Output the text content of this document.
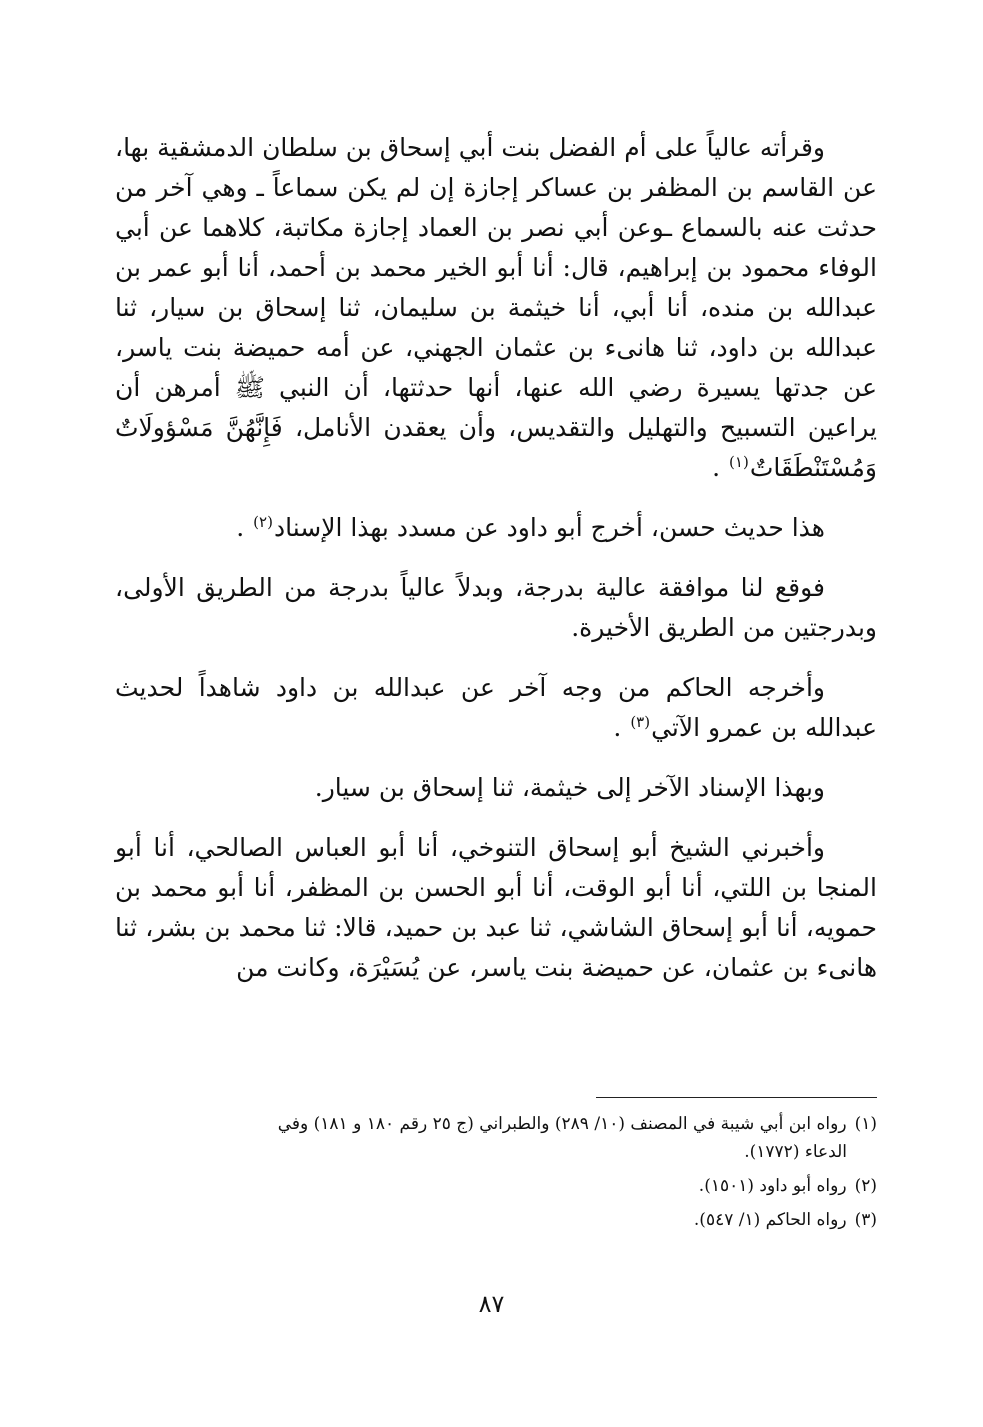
وقرأته عالياً على أم الفضل بنت أبي إسحاق بن سلطان الدمشقية بها، عن القاسم بن المظفر بن عساكر إجازة إن لم يكن سماعاً ـ وهي آخر من حدثت عنه بالسماع ـوعن أبي نصر بن العماد إجازة مكاتبة، كلاهما عن أبي الوفاء محمود بن إبراهيم، قال: أنا أبو الخير محمد بن أحمد، أنا أبو عمر بن عبدالله بن منده، أنا أبي، أنا خيثمة بن سليمان، ثنا إسحاق بن سيار، ثنا عبدالله بن داود، ثنا هانىء بن عثمان الجهني، عن أمه حميضة بنت ياسر، عن جدتها يسيرة رضي الله عنها، أنها حدثتها، أن النبي ﷺ أمرهن أن يراعين التسبيح والتهليل والتقديس، وأن يعقدن الأنامل، فَإِنَّهُنَّ مَسْؤولَاتٌ وَمُسْتَنْطَقَاتٌ$^{(١)}$ .

هذا حديث حسن، أخرج أبو داود عن مسدد بهذا الإسناد$^{(٢)}$ .

فوقع لنا موافقة عالية بدرجة، وبدلاً عالياً بدرجة من الطريق الأولى، وبدرجتين من الطريق الأخيرة.

وأخرجه الحاكم من وجه آخر عن عبدالله بن داود شاهداً لحديث عبدالله بن عمرو الآتي$^{(٣)}$ .

وبهذا الإسناد الآخر إلى خيثمة، ثنا إسحاق بن سيار.

وأخبرني الشيخ أبو إسحاق التنوخي، أنا أبو العباس الصالحي، أنا أبو المنجا بن اللتي، أنا أبو الوقت، أنا أبو الحسن بن المظفر، أنا أبو محمد بن حمويه، أنا أبو إسحاق الشاشي، ثنا عبد بن حميد، قالا: ثنا محمد بن بشر، ثنا هانىء بن عثمان، عن حميضة بنت ياسر، عن يُسَيْرَة، وكانت من

(١)رواه ابن أبي شيبة في المصنف (١٠/ ٢٨٩) والطبراني (ج ٢٥ رقم ١٨٠ و ١٨١) وفي
الدعاء (١٧٧٢).

(٢)رواه أبو داود (١٥٠١).

(٣)رواه الحاكم (١/ ٥٤٧).

٨٧
